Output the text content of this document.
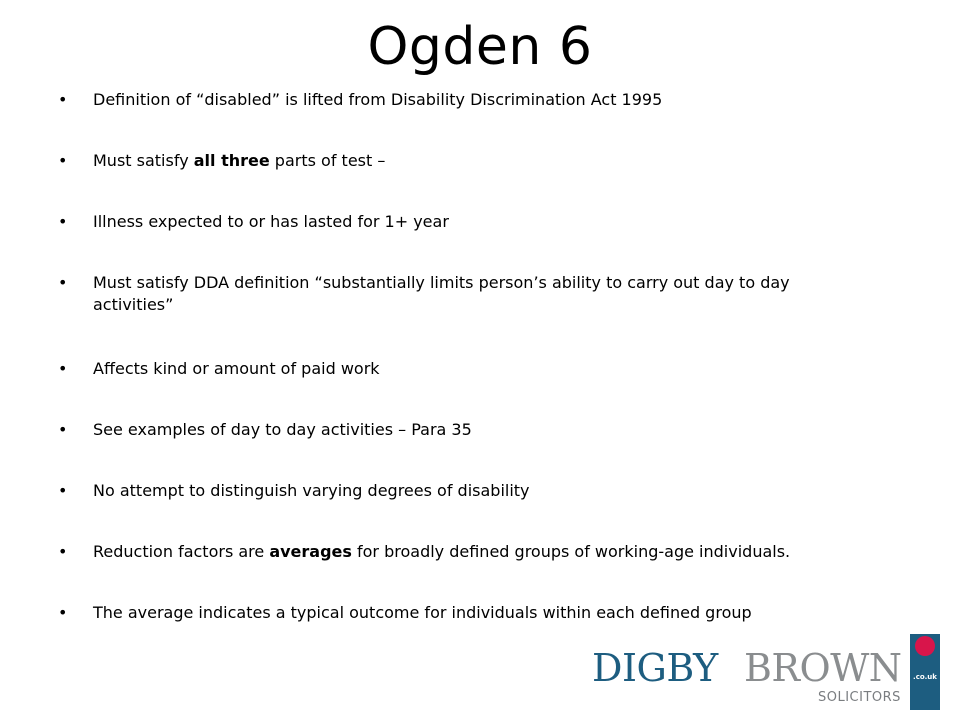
Ogden 6
• Definition of “disabled” is lifted from Disability Discrimination Act 1995
• Must satisfy all three parts of test –
• Illness expected to or has lasted for 1+ year
• Must satisfy DDA definition “substantially limits person’s ability to carry out day to day activities”
• Affects kind or amount of paid work
• See examples of day to day activities – Para 35
• No attempt to distinguish varying degrees of disability
• Reduction factors are averages for broadly defined groups of working-age individuals.
• The average indicates a typical outcome for individuals within each defined group
DIGBY BROWN
SOLICITORS
.co.uk
